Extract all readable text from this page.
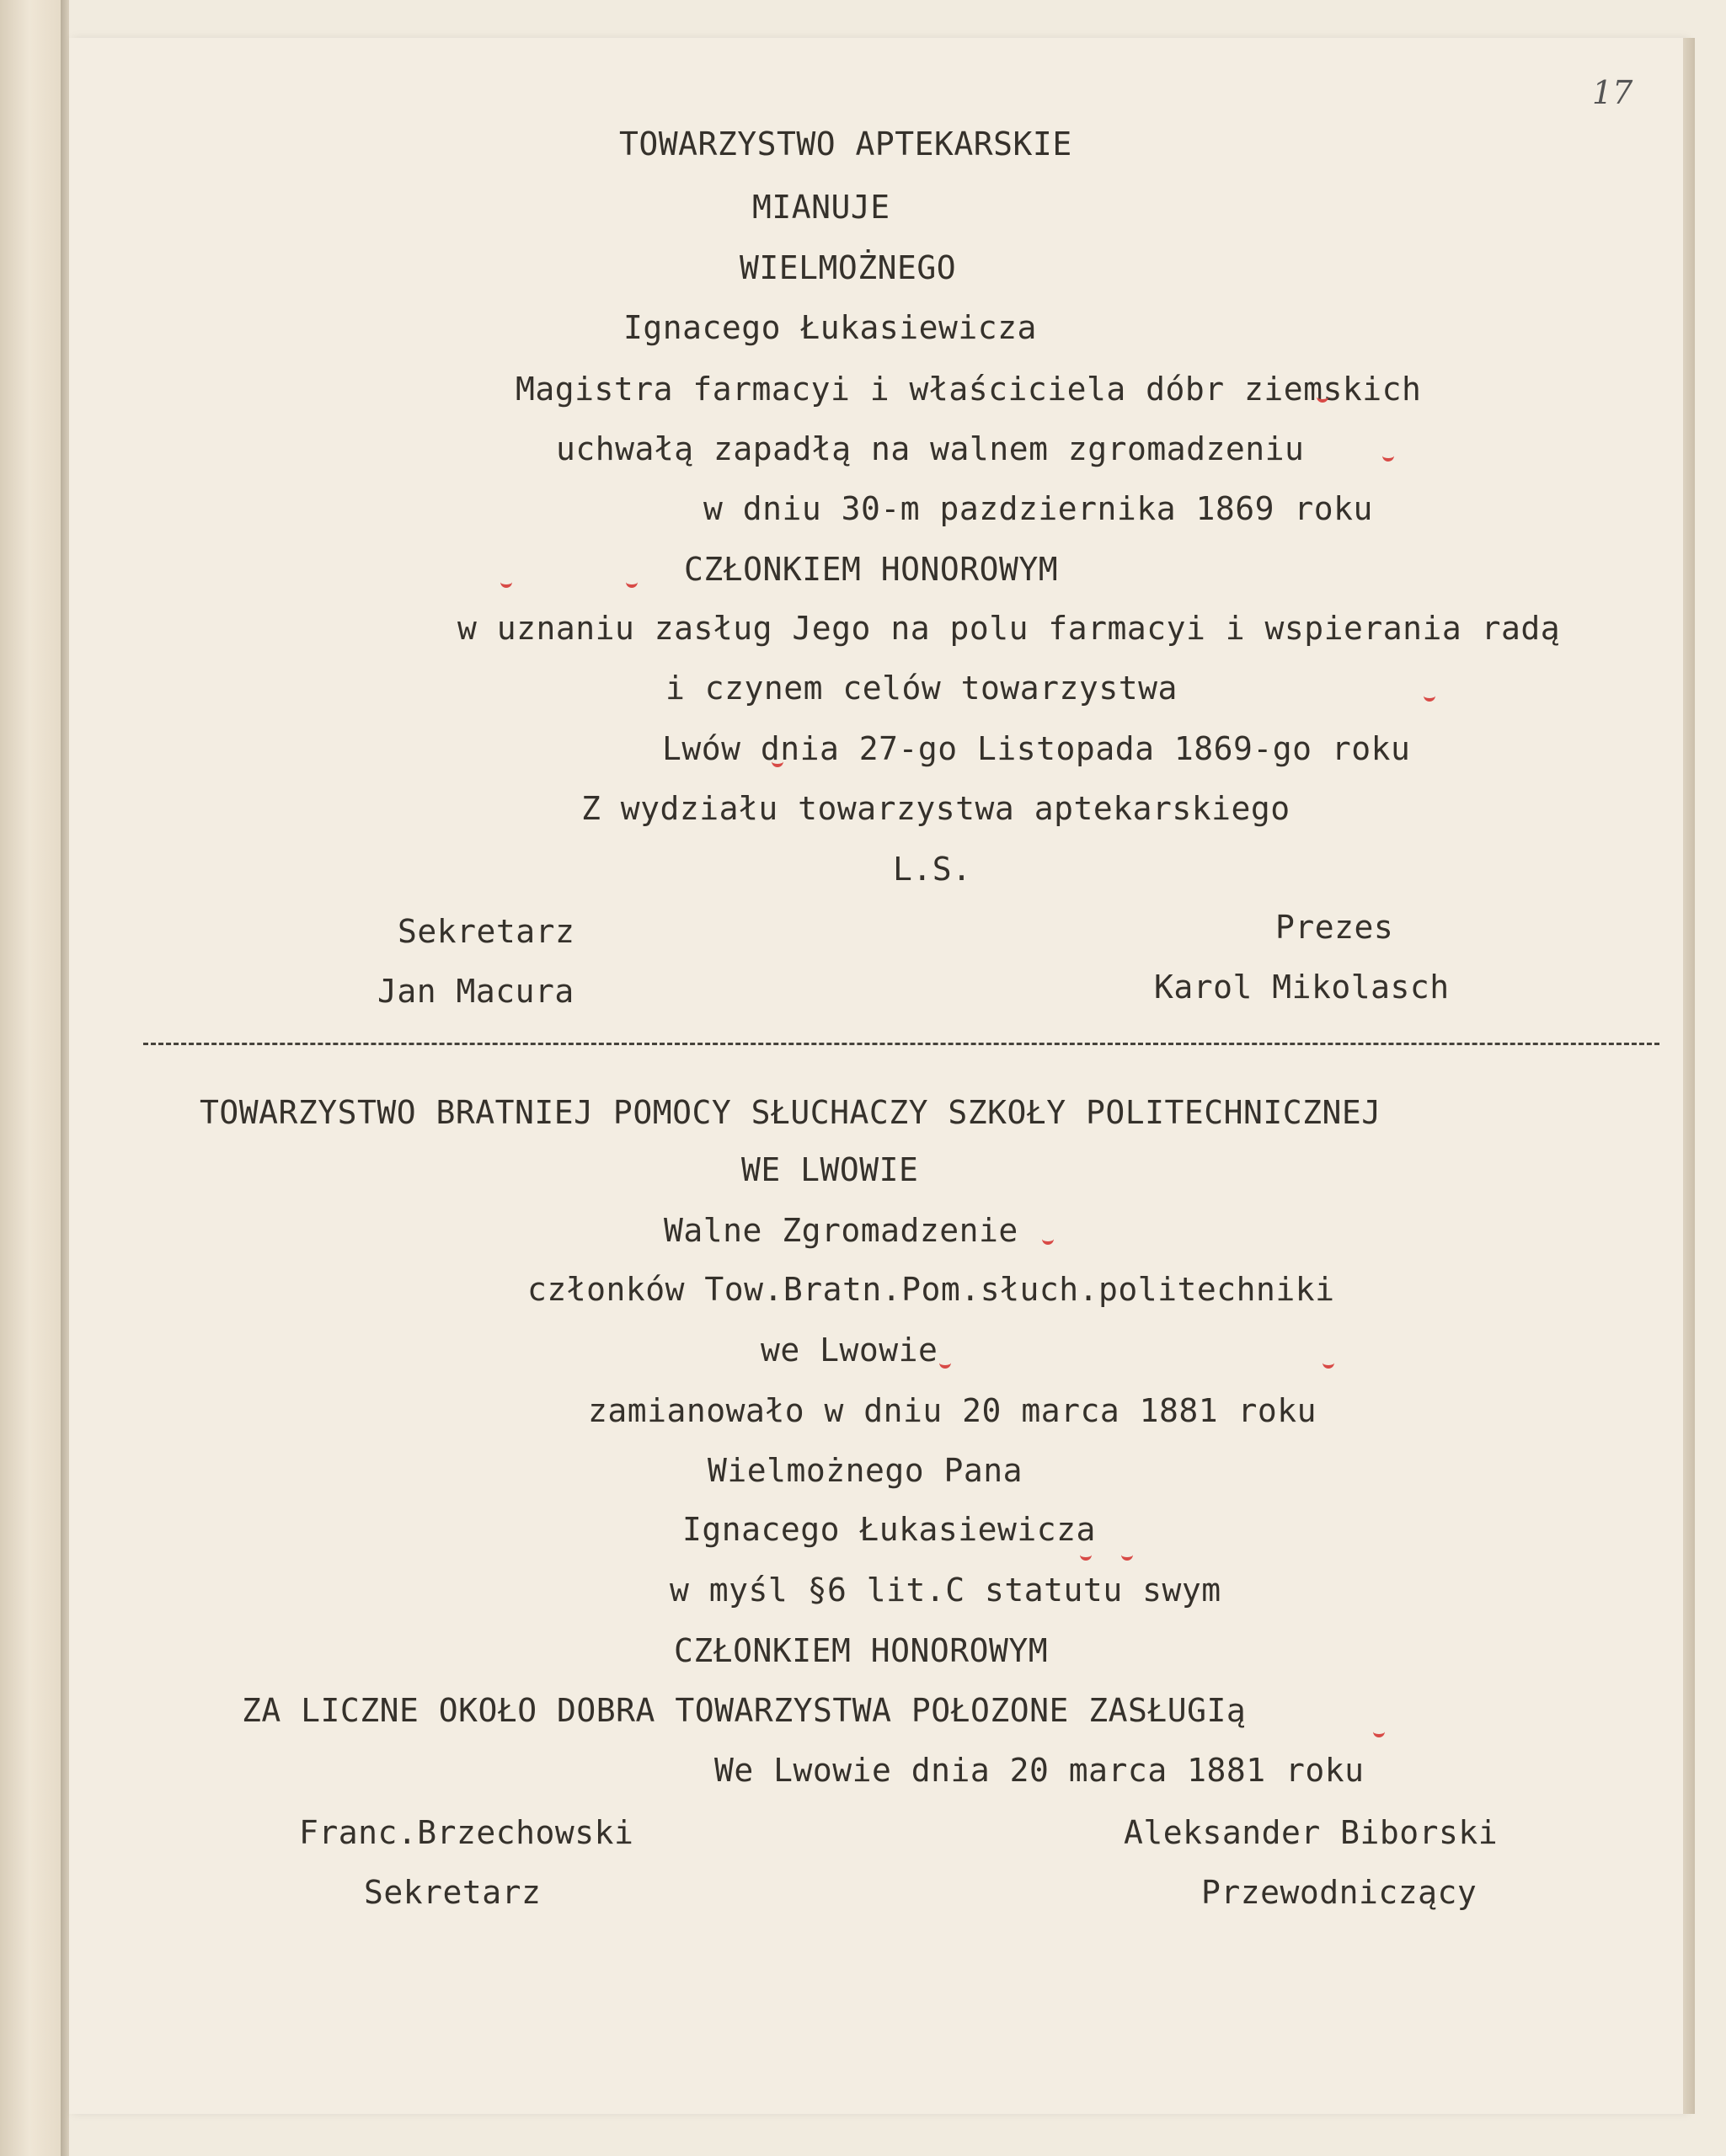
17
TOWARZYSTWO APTEKARSKIE
MIANUJE
WIELMOŻNEGO
Ignacego Łukasiewicza
Magistra farmacyi i właściciela dóbr ziemskich
uchwałą zapadłą na walnem zgromadzeniu
w dniu 30-m pazdziernika 1869 roku
CZŁONKIEM HONOROWYM
w uznaniu zasług Jego na polu farmacyi i wspierania radą
i czynem celów towarzystwa
Lwów dnia 27-go Listopada 1869-go roku
Z wydziału towarzystwa aptekarskiego
L.S.
Sekretarz
Jan Macura
Prezes
Karol Mikolasch
TOWARZYSTWO BRATNIEJ POMOCY SŁUCHACZY SZKOŁY POLITECHNICZNEJ
WE LWOWIE
Walne Zgromadzenie
członków Tow.Bratn.Pom.słuch.politechniki
we Lwowie
zamianowało w dniu 20 marca 1881 roku
Wielmożnego Pana
Ignacego Łukasiewicza
w myśl §6 lit.C statutu swym
CZŁONKIEM HONOROWYM
ZA LICZNE OKOŁO DOBRA TOWARZYSTWA POŁOZONE ZASŁUGIą
We Lwowie dnia 20 marca 1881 roku
Franc.Brzechowski
Sekretarz
Aleksander Biborski
Przewodniczący
